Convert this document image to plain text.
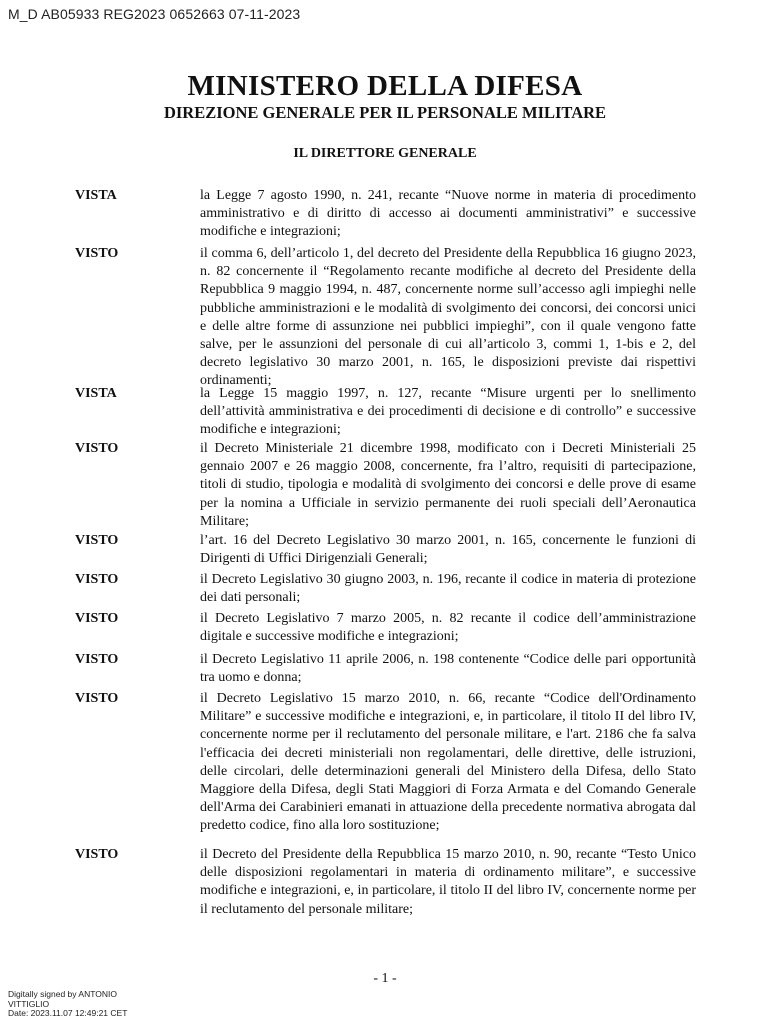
M_D AB05933 REG2023 0652663 07-11-2023
MINISTERO DELLA DIFESA
DIREZIONE GENERALE PER IL PERSONALE MILITARE
IL DIRETTORE GENERALE
VISTA	la Legge 7 agosto 1990, n. 241, recante “Nuove norme in materia di procedimento amministrativo e di diritto di accesso ai documenti amministrativi” e successive modifiche e integrazioni;
VISTO	il comma 6, dell’articolo 1, del decreto del Presidente della Repubblica 16 giugno 2023, n. 82 concernente il “Regolamento recante modifiche al decreto del Presidente della Repubblica 9 maggio 1994, n. 487, concernente norme sull’accesso agli impieghi nelle pubbliche amministrazioni e le modalità di svolgimento dei concorsi, dei concorsi unici e delle altre forme di assunzione nei pubblici impieghi”, con il quale vengono fatte salve, per le assunzioni del personale di cui all’articolo 3, commi 1, 1-bis e 2, del decreto legislativo 30 marzo 2001, n. 165, le disposizioni previste dai rispettivi ordinamenti;
VISTA	la Legge 15 maggio 1997, n. 127, recante “Misure urgenti per lo snellimento dell’attività amministrativa e dei procedimenti di decisione e di controllo” e successive modifiche e integrazioni;
VISTO	il Decreto Ministeriale 21 dicembre 1998, modificato con i Decreti Ministeriali 25 gennaio 2007 e 26 maggio 2008, concernente, fra l’altro, requisiti di partecipazione, titoli di studio, tipologia e modalità di svolgimento dei concorsi e delle prove di esame per la nomina a Ufficiale in servizio permanente dei ruoli speciali dell’Aeronautica Militare;
VISTO	l’art. 16 del Decreto Legislativo 30 marzo 2001, n. 165, concernente le funzioni di Dirigenti di Uffici Dirigenziali Generali;
VISTO	il Decreto Legislativo 30 giugno 2003, n. 196, recante il codice in materia di protezione dei dati personali;
VISTO	il Decreto Legislativo 7 marzo 2005, n. 82 recante il codice dell’amministrazione digitale e successive modifiche e integrazioni;
VISTO	il Decreto Legislativo 11 aprile 2006, n. 198 contenente “Codice delle pari opportunità tra uomo e donna;
VISTO	il Decreto Legislativo 15 marzo 2010, n. 66, recante “Codice dell'Ordinamento Militare” e successive modifiche e integrazioni, e, in particolare, il titolo II del libro IV, concernente norme per il reclutamento del personale militare, e l'art. 2186 che fa salva l'efficacia dei decreti ministeriali non regolamentari, delle direttive, delle istruzioni, delle circolari, delle determinazioni generali del Ministero della Difesa, dello Stato Maggiore della Difesa, degli Stati Maggiori di Forza Armata e del Comando Generale dell'Arma dei Carabinieri emanati in attuazione della precedente normativa abrogata dal predetto codice, fino alla loro sostituzione;
VISTO	il Decreto del Presidente della Repubblica 15 marzo 2010, n. 90, recante “Testo Unico delle disposizioni regolamentari in materia di ordinamento militare”, e successive modifiche e integrazioni, e, in particolare, il titolo II del libro IV, concernente norme per il reclutamento del personale militare;
- 1 -
Digitally signed by ANTONIO
VITTIGLIO
Date: 2023.11.07 12:49:21 CET
